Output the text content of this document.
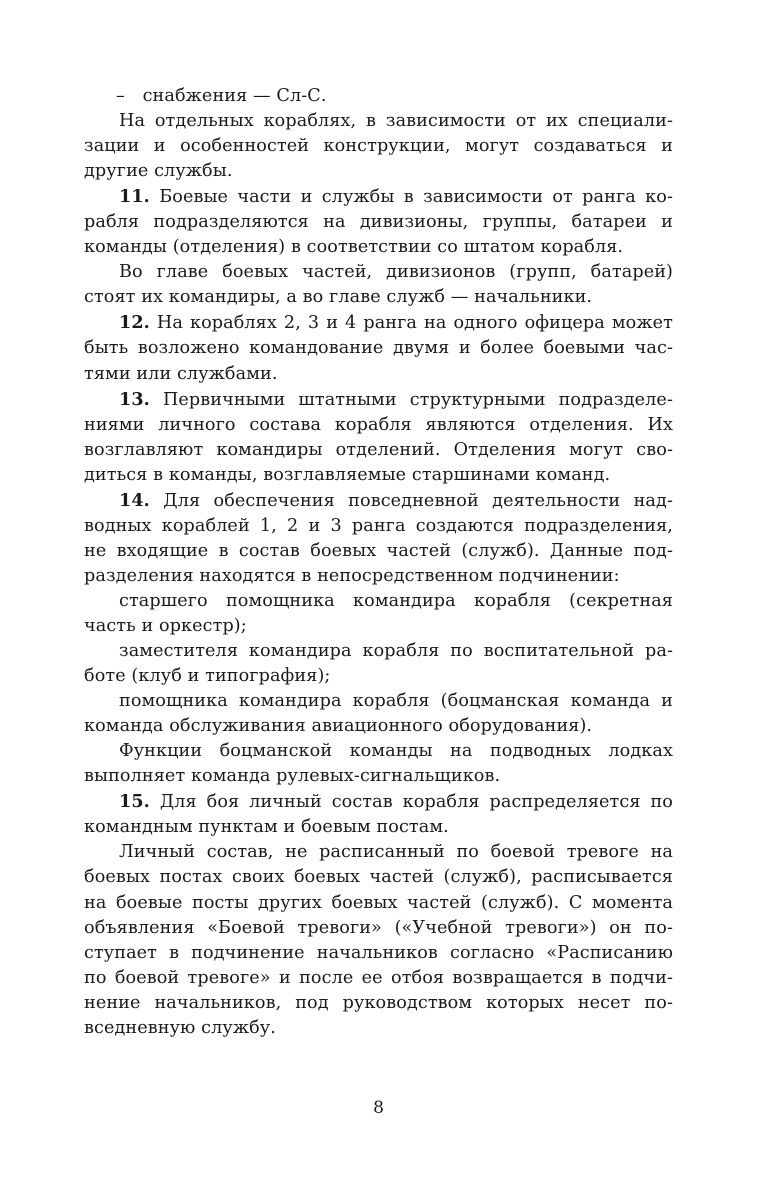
– снабжения — Сл-С.
На отдельных кораблях, в зависимости от их специали-
зации и особенностей конструкции, могут создаваться и
другие службы.
11. Боевые части и службы в зависимости от ранга ко-
рабля подразделяются на дивизионы, группы, батареи и
команды (отделения) в соответствии со штатом корабля.
Во главе боевых частей, дивизионов (групп, батарей)
стоят их командиры, а во главе служб — начальники.
12. На кораблях 2, 3 и 4 ранга на одного офицера может
быть возложено командование двумя и более боевыми час-
тями или службами.
13. Первичными штатными структурными подразделе-
ниями личного состава корабля являются отделения. Их
возглавляют командиры отделений. Отделения могут сво-
диться в команды, возглавляемые старшинами команд.
14. Для обеспечения повседневной деятельности над-
водных кораблей 1, 2 и 3 ранга создаются подразделения,
не входящие в состав боевых частей (служб). Данные под-
разделения находятся в непосредственном подчинении:
старшего помощника командира корабля (секретная
часть и оркестр);
заместителя командира корабля по воспитательной ра-
боте (клуб и типография);
помощника командира корабля (боцманская команда и
команда обслуживания авиационного оборудования).
Функции боцманской команды на подводных лодках
выполняет команда рулевых-сигнальщиков.
15. Для боя личный состав корабля распределяется по
командным пунктам и боевым постам.
Личный состав, не расписанный по боевой тревоге на
боевых постах своих боевых частей (служб), расписывается
на боевые посты других боевых частей (служб). С момента
объявления «Боевой тревоги» («Учебной тревоги») он по-
ступает в подчинение начальников согласно «Расписанию
по боевой тревоге» и после ее отбоя возвращается в подчи-
нение начальников, под руководством которых несет по-
вседневную службу.
8
